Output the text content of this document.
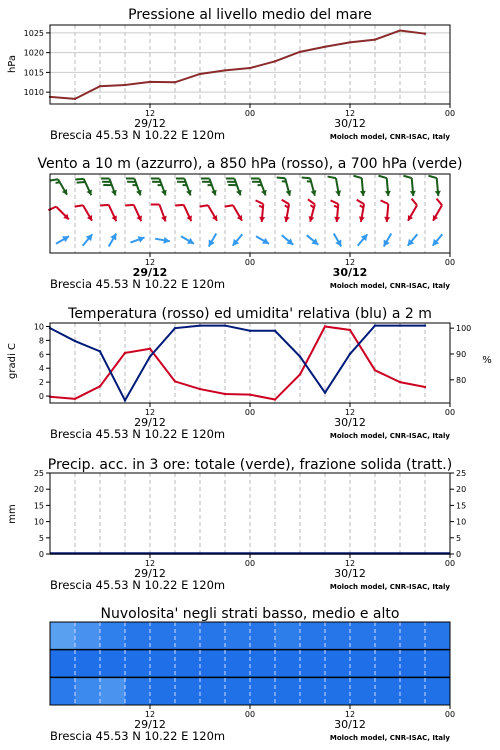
Pressione al livello medio del mare
hPa
1010
1015
1020
1025
12	00	12	00
29/12	30/12
Brescia 45.53 N 10.22 E 120m	Moloch model, CNR-ISAC, Italy
Vento a 10 m (azzurro), a 850 hPa (rosso), a 700 hPa (verde)
12	00	12	00
29/12	30/12
Brescia 45.53 N 10.22 E 120m	Moloch model, CNR-ISAC, Italy
Temperatura (rosso) ed umidita' relativa (blu) a 2 m
gradi C	%
0
2
4
6
8
10
80
90
100
12	00	12	00
29/12	30/12
Brescia 45.53 N 10.22 E 120m	Moloch model, CNR-ISAC, Italy
Precip. acc. in 3 ore: totale (verde), frazione solida (tratt.)
mm
0	0
5	5
10	10
15	15
20	20
25	25
12	00	12	00
29/12	30/12
Brescia 45.53 N 10.22 E 120m	Moloch model, CNR-ISAC, Italy
Nuvolosita' negli strati basso, medio e alto
12	00	12	00
29/12	30/12
Brescia 45.53 N 10.22 E 120m	Moloch model, CNR-ISAC, Italy
